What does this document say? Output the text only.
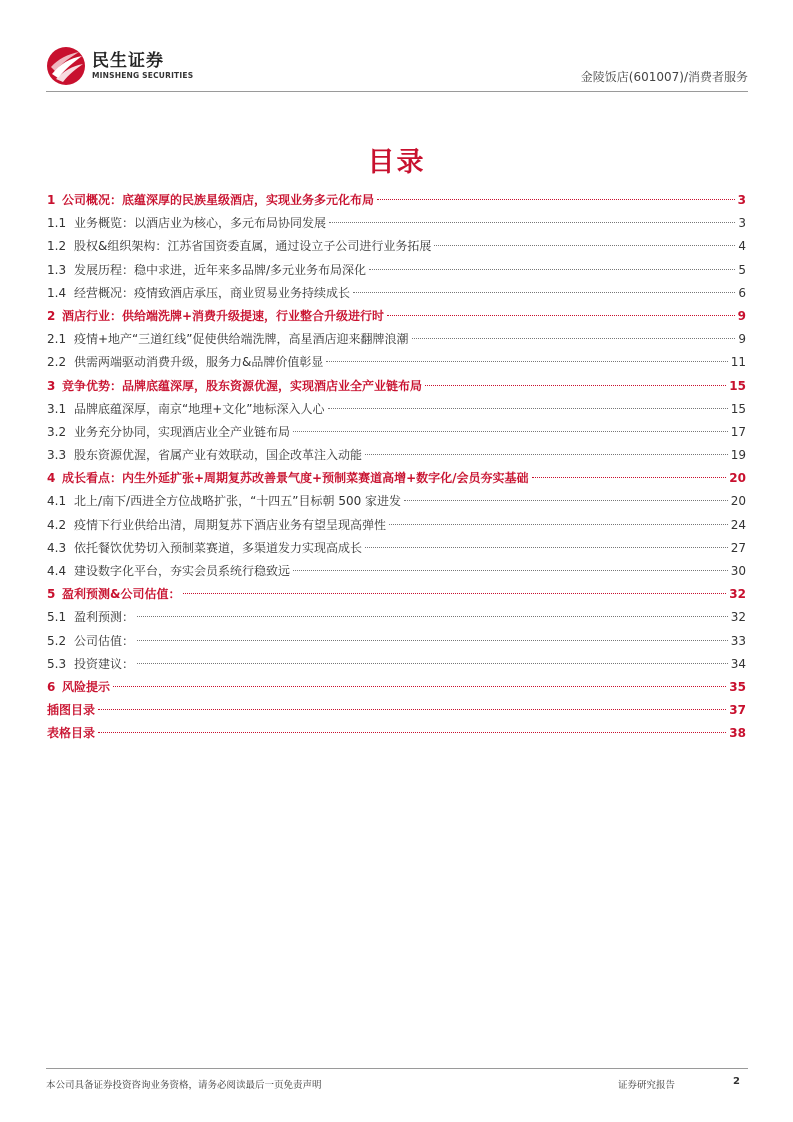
民生证券
MINSHENG SECURITIES	金陵饭店(601007)/消费者服务
目录
1 公司概况：底蕴深厚的民族星级酒店，实现业务多元化布局	3
1.1 业务概览：以酒店业为核心，多元布局协同发展	3
1.2 股权&组织架构：江苏省国资委直属，通过设立子公司进行业务拓展	4
1.3 发展历程：稳中求进，近年来多品牌/多元业务布局深化	5
1.4 经营概况：疫情致酒店承压，商业贸易业务持续成长	6
2 酒店行业：供给端洗牌+消费升级提速，行业整合升级进行时	9
2.1 疫情+地产“三道红线”促使供给端洗牌，高星酒店迎来翻牌浪潮	9
2.2 供需两端驱动消费升级，服务力&品牌价值彰显	11
3 竞争优势：品牌底蕴深厚，股东资源优渥，实现酒店业全产业链布局	15
3.1 品牌底蕴深厚，南京“地理+文化”地标深入人心	15
3.2 业务充分协同，实现酒店业全产业链布局	17
3.3 股东资源优渥，省属产业有效联动，国企改革注入动能	19
4 成长看点：内生外延扩张+周期复苏改善景气度+预制菜赛道高增+数字化/会员夯实基础	20
4.1 北上/南下/西进全方位战略扩张，“十四五”目标朝 500 家进发	20
4.2 疫情下行业供给出清，周期复苏下酒店业务有望呈现高弹性	24
4.3 依托餐饮优势切入预制菜赛道，多渠道发力实现高成长	27
4.4 建设数字化平台，夯实会员系统行稳致远	30
5 盈利预测&公司估值：	32
5.1 盈利预测：	32
5.2 公司估值：	33
5.3 投资建议：	34
6 风险提示	35
插图目录	37
表格目录	38
本公司具备证券投资咨询业务资格，请务必阅读最后一页免责声明	证券研究报告	2
